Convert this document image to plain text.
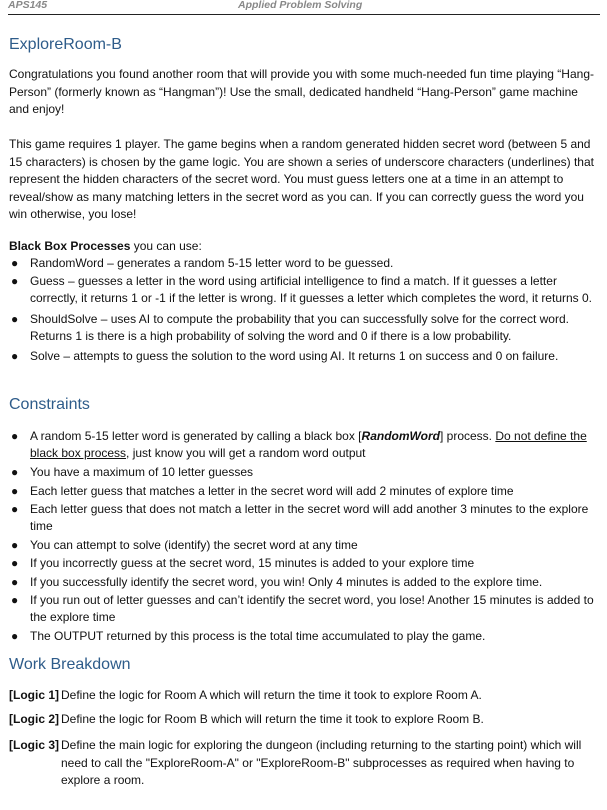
APS145	Applied Problem Solving
ExploreRoom-B

Congratulations you found another room that will provide you with some much-needed fun time playing “Hang-Person” (formerly known as “Hangman”)! Use the small, dedicated handheld “Hang-Person” game machine and enjoy!

This game requires 1 player. The game begins when a random generated hidden secret word (between 5 and 15 characters) is chosen by the game logic. You are shown a series of underscore characters (underlines) that represent the hidden characters of the secret word. You must guess letters one at a time in an attempt to reveal/show as many matching letters in the secret word as you can. If you can correctly guess the word you win otherwise, you lose!

Black Box Processes you can use:

● RandomWord – generates a random 5-15 letter word to be guessed.
● Guess – guesses a letter in the word using artificial intelligence to find a match. If it guesses a letter correctly, it returns 1 or -1 if the letter is wrong. If it guesses a letter which completes the word, it returns 0.
● ShouldSolve – uses AI to compute the probability that you can successfully solve for the correct word. Returns 1 is there is a high probability of solving the word and 0 if there is a low probability.
● Solve – attempts to guess the solution to the word using AI. It returns 1 on success and 0 on failure.
Constraints
● A random 5-15 letter word is generated by calling a black box [RandomWord] process. Do not define the black box process, just know you will get a random word output
● You have a maximum of 10 letter guesses
● Each letter guess that matches a letter in the secret word will add 2 minutes of explore time
● Each letter guess that does not match a letter in the secret word will add another 3 minutes to the explore time
● You can attempt to solve (identify) the secret word at any time
● If you incorrectly guess at the secret word, 15 minutes is added to your explore time
● If you successfully identify the secret word, you win! Only 4 minutes is added to the explore time.
● If you run out of letter guesses and can’t identify the secret word, you lose! Another 15 minutes is added to the explore time
● The OUTPUT returned by this process is the total time accumulated to play the game.
Work Breakdown
[Logic 1] Define the logic for Room A which will return the time it took to explore Room A.
[Logic 2] Define the logic for Room B which will return the time it took to explore Room B.
[Logic 3] Define the main logic for exploring the dungeon (including returning to the starting point) which will need to call the "ExploreRoom-A" or "ExploreRoom-B" subprocesses as required when having to explore a room.
